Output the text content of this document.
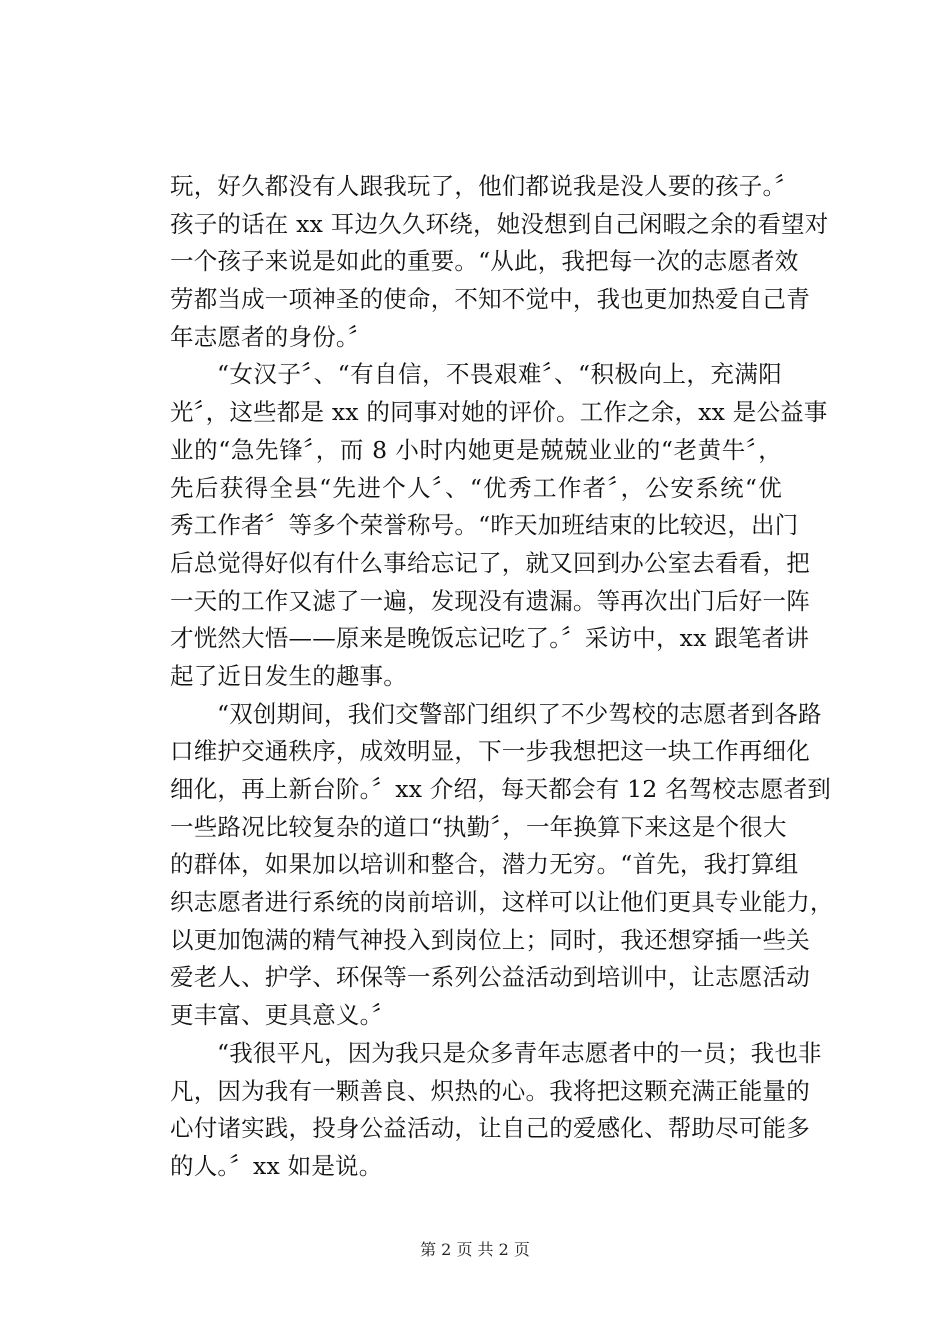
玩，好久都没有人跟我玩了，他们都说我是没人要的孩子。〞
孩子的话在 xx 耳边久久环绕，她没想到自己闲暇之余的看望对
一个孩子来说是如此的重要。“从此，我把每一次的志愿者效
劳都当成一项神圣的使命，不知不觉中，我也更加热爱自己青
年志愿者的身份。〞
“女汉子〞、“有自信，不畏艰难〞、“积极向上，充满阳
光〞，这些都是 xx 的同事对她的评价。工作之余，xx 是公益事
业的“急先锋〞，而 8 小时内她更是兢兢业业的“老黄牛〞，
先后获得全县“先进个人〞、“优秀工作者〞，公安系统“优
秀工作者〞等多个荣誉称号。“昨天加班结束的比较迟，出门
后总觉得好似有什么事给忘记了，就又回到办公室去看看，把
一天的工作又滤了一遍，发现没有遗漏。等再次出门后好一阵
才恍然大悟——原来是晚饭忘记吃了。〞采访中，xx 跟笔者讲
起了近日发生的趣事。
“双创期间，我们交警部门组织了不少驾校的志愿者到各路
口维护交通秩序，成效明显，下一步我想把这一块工作再细化
细化，再上新台阶。〞xx 介绍，每天都会有 12 名驾校志愿者到
一些路况比较复杂的道口“执勤〞，一年换算下来这是个很大
的群体，如果加以培训和整合，潜力无穷。“首先，我打算组
织志愿者进行系统的岗前培训，这样可以让他们更具专业能力，
以更加饱满的精气神投入到岗位上；同时，我还想穿插一些关
爱老人、护学、环保等一系列公益活动到培训中，让志愿活动
更丰富、更具意义。〞
“我很平凡，因为我只是众多青年志愿者中的一员；我也非
凡，因为我有一颗善良、炽热的心。我将把这颗充满正能量的
心付诸实践，投身公益活动，让自己的爱感化、帮助尽可能多
的人。〞xx 如是说。
第 2 页 共 2 页
